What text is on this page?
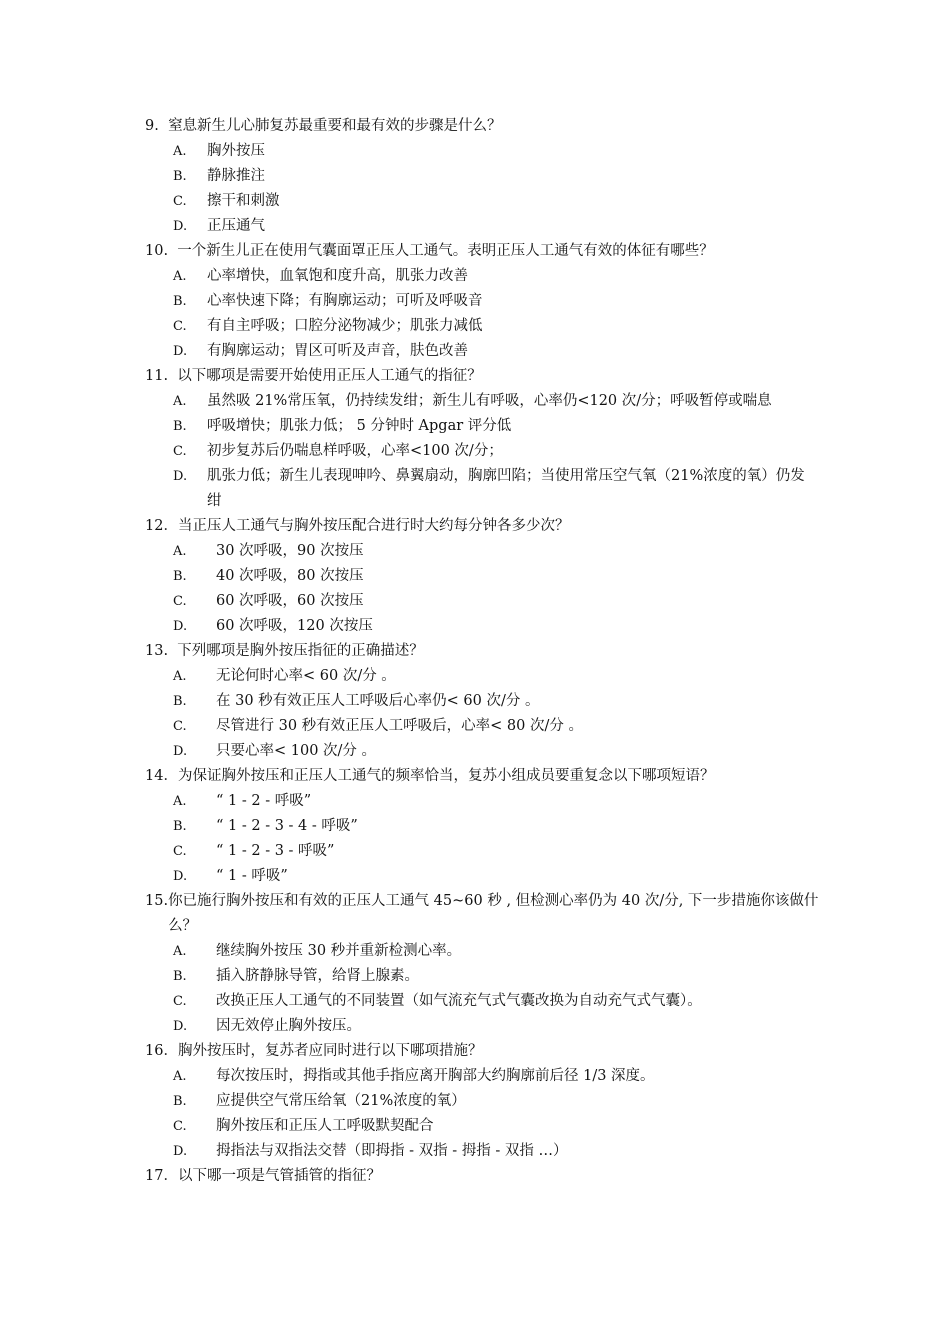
9. 窒息新生儿心肺复苏最重要和最有效的步骤是什么？
A.	胸外按压
B.	静脉推注
C.	擦干和刺激
D.	正压通气
10. 一个新生儿正在使用气囊面罩正压人工通气。表明正压人工通气有效的体征有哪些？
A.	心率增快，血氧饱和度升高，肌张力改善
B.	心率快速下降；有胸廓运动；可听及呼吸音
C.	有自主呼吸；口腔分泌物减少；肌张力减低
D.	有胸廓运动；胃区可听及声音，肤色改善
11. 以下哪项是需要开始使用正压人工通气的指征？
A.	虽然吸 21%常压氧，仍持续发绀；新生儿有呼吸，心率仍<120 次/分；呼吸暂停或喘息
B.	呼吸增快；肌张力低； 5 分钟时 Apgar 评分低
C.	初步复苏后仍喘息样呼吸，心率<100 次/分；
D.	肌张力低；新生儿表现呻吟、鼻翼扇动，胸廓凹陷；当使用常压空气氧（21%浓度的氧）仍发绀
12． 当正压人工通气与胸外按压配合进行时大约每分钟各多少次？
A.	30 次呼吸，90 次按压
B.	40 次呼吸，80 次按压
C.	60 次呼吸，60 次按压
D.	60 次呼吸，120 次按压
13. 下列哪项是胸外按压指征的正确描述？
A.	无论何时心率< 60 次/分 。
B.	在 30 秒有效正压人工呼吸后心率仍< 60 次/分 。
C.	尽管进行 30 秒有效正压人工呼吸后，心率< 80 次/分 。
D.	只要心率< 100 次/分 。
14． 为保证胸外按压和正压人工通气的频率恰当，复苏小组成员要重复念以下哪项短语？
A.	“ 1 - 2 - 呼吸”
B.	“ 1 - 2 - 3 - 4 - 呼吸”
C.	“ 1 - 2 - 3 - 呼吸”
D.	“ 1 - 呼吸”
15. 你已施行胸外按压和有效的正压人工通气 45~60 秒 , 但检测心率仍为 40 次/分, 下一步措施你该做什么？
A.	继续胸外按压 30 秒并重新检测心率。
B.	插入脐静脉导管，给肾上腺素。
C.	改换正压人工通气的不同装置（如气流充气式气囊改换为自动充气式气囊）。
D.	因无效停止胸外按压。
16． 胸外按压时，复苏者应同时进行以下哪项措施？
A.	每次按压时，拇指或其他手指应离开胸部大约胸廓前后径 1/3 深度。
B.	应提供空气常压给氧（21%浓度的氧）
C.	胸外按压和正压人工呼吸默契配合
D.	拇指法与双指法交替（即拇指 - 双指 - 拇指 - 双指 …）
17． 以下哪一项是气管插管的指征？
